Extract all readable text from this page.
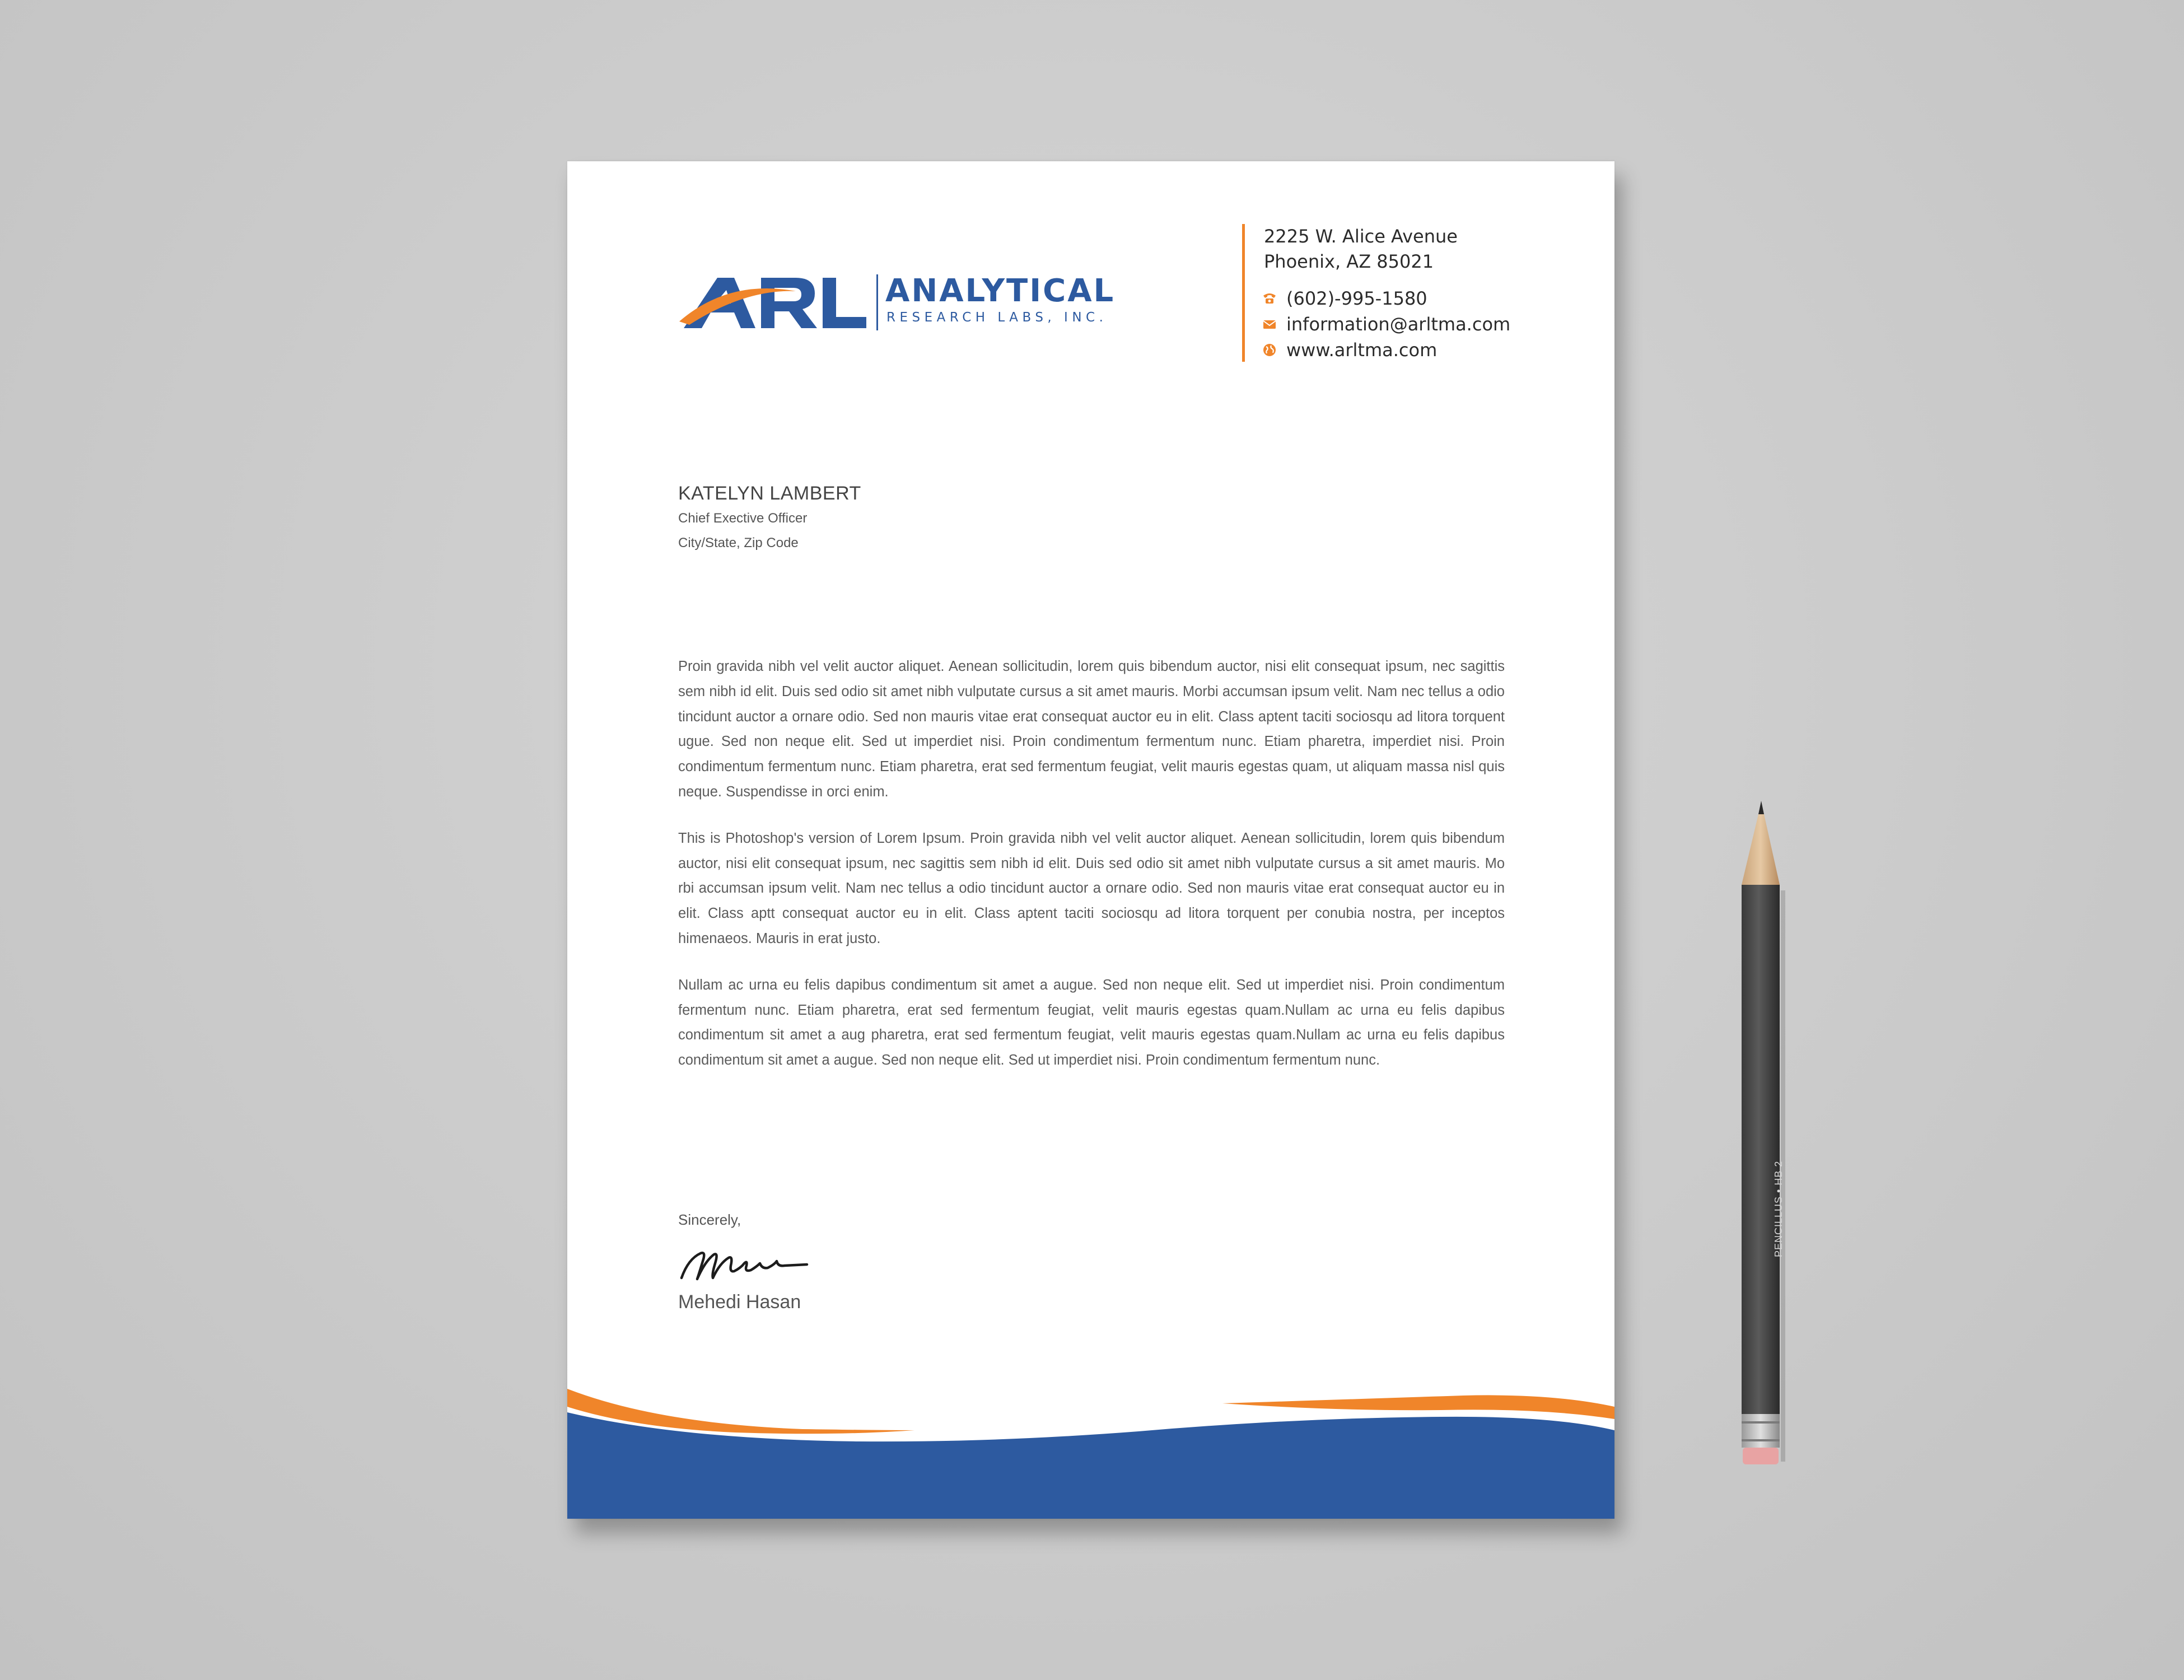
ANALYTICAL
RESEARCH LABS, INC.
2225 W. Alice Avenue
Phoenix, AZ 85021
(602)-995-1580
information@arltma.com
www.arltma.com
KATELYN LAMBERT
Chief Exective Officer
City/State, Zip Code

Proin gravida nibh vel velit auctor aliquet. Aenean sollicitudin, lorem quis bibendum auctor, nisi elit consequat ipsum, nec sagittis sem nibh id elit. Duis sed odio sit amet nibh vulputate cursus a sit amet mauris. Morbi accumsan ipsum velit. Nam nec tellus a odio tincidunt auctor a ornare odio. Sed non mauris vitae erat consequat auctor eu in elit. Class aptent taciti sociosqu ad litora torquent ugue. Sed non neque elit. Sed ut imperdiet nisi. Proin condimentum fermentum nunc. Etiam pharetra, imperdiet nisi. Proin condimentum fermentum nunc. Etiam pharetra, erat sed fermentum feugiat, velit mauris egestas quam, ut aliquam massa nisl quis neque. Suspendisse in orci enim.

This is Photoshop's version of Lorem Ipsum. Proin gravida nibh vel velit auctor aliquet. Aenean sollicitudin, lorem quis bibendum auctor, nisi elit consequat ipsum, nec sagittis sem nibh id elit. Duis sed odio sit amet nibh vulputate cursus a sit amet mauris. Mo rbi accumsan ipsum velit. Nam nec tellus a odio tincidunt auctor a ornare odio. Sed non mauris vitae erat consequat auctor eu in elit. Class aptt consequat auctor eu in elit. Class aptent taciti sociosqu ad litora torquent per conubia nostra, per inceptos himenaeos. Mauris in erat justo.

Nullam ac urna eu felis dapibus condimentum sit amet a augue. Sed non neque elit. Sed ut imperdiet nisi. Proin condimentum fermentum nunc. Etiam pharetra, erat sed fermentum feugiat, velit mauris egestas quam.Nullam ac urna eu felis dapibus condimentum sit amet a aug pharetra, erat sed fermentum feugiat, velit mauris egestas quam.Nullam ac urna eu felis dapibus condimentum sit amet a augue. Sed non neque elit. Sed ut imperdiet nisi. Proin condimentum fermentum nunc.

Sincerely,
Mehedi Hasan
PENCILLUS • HB 2
